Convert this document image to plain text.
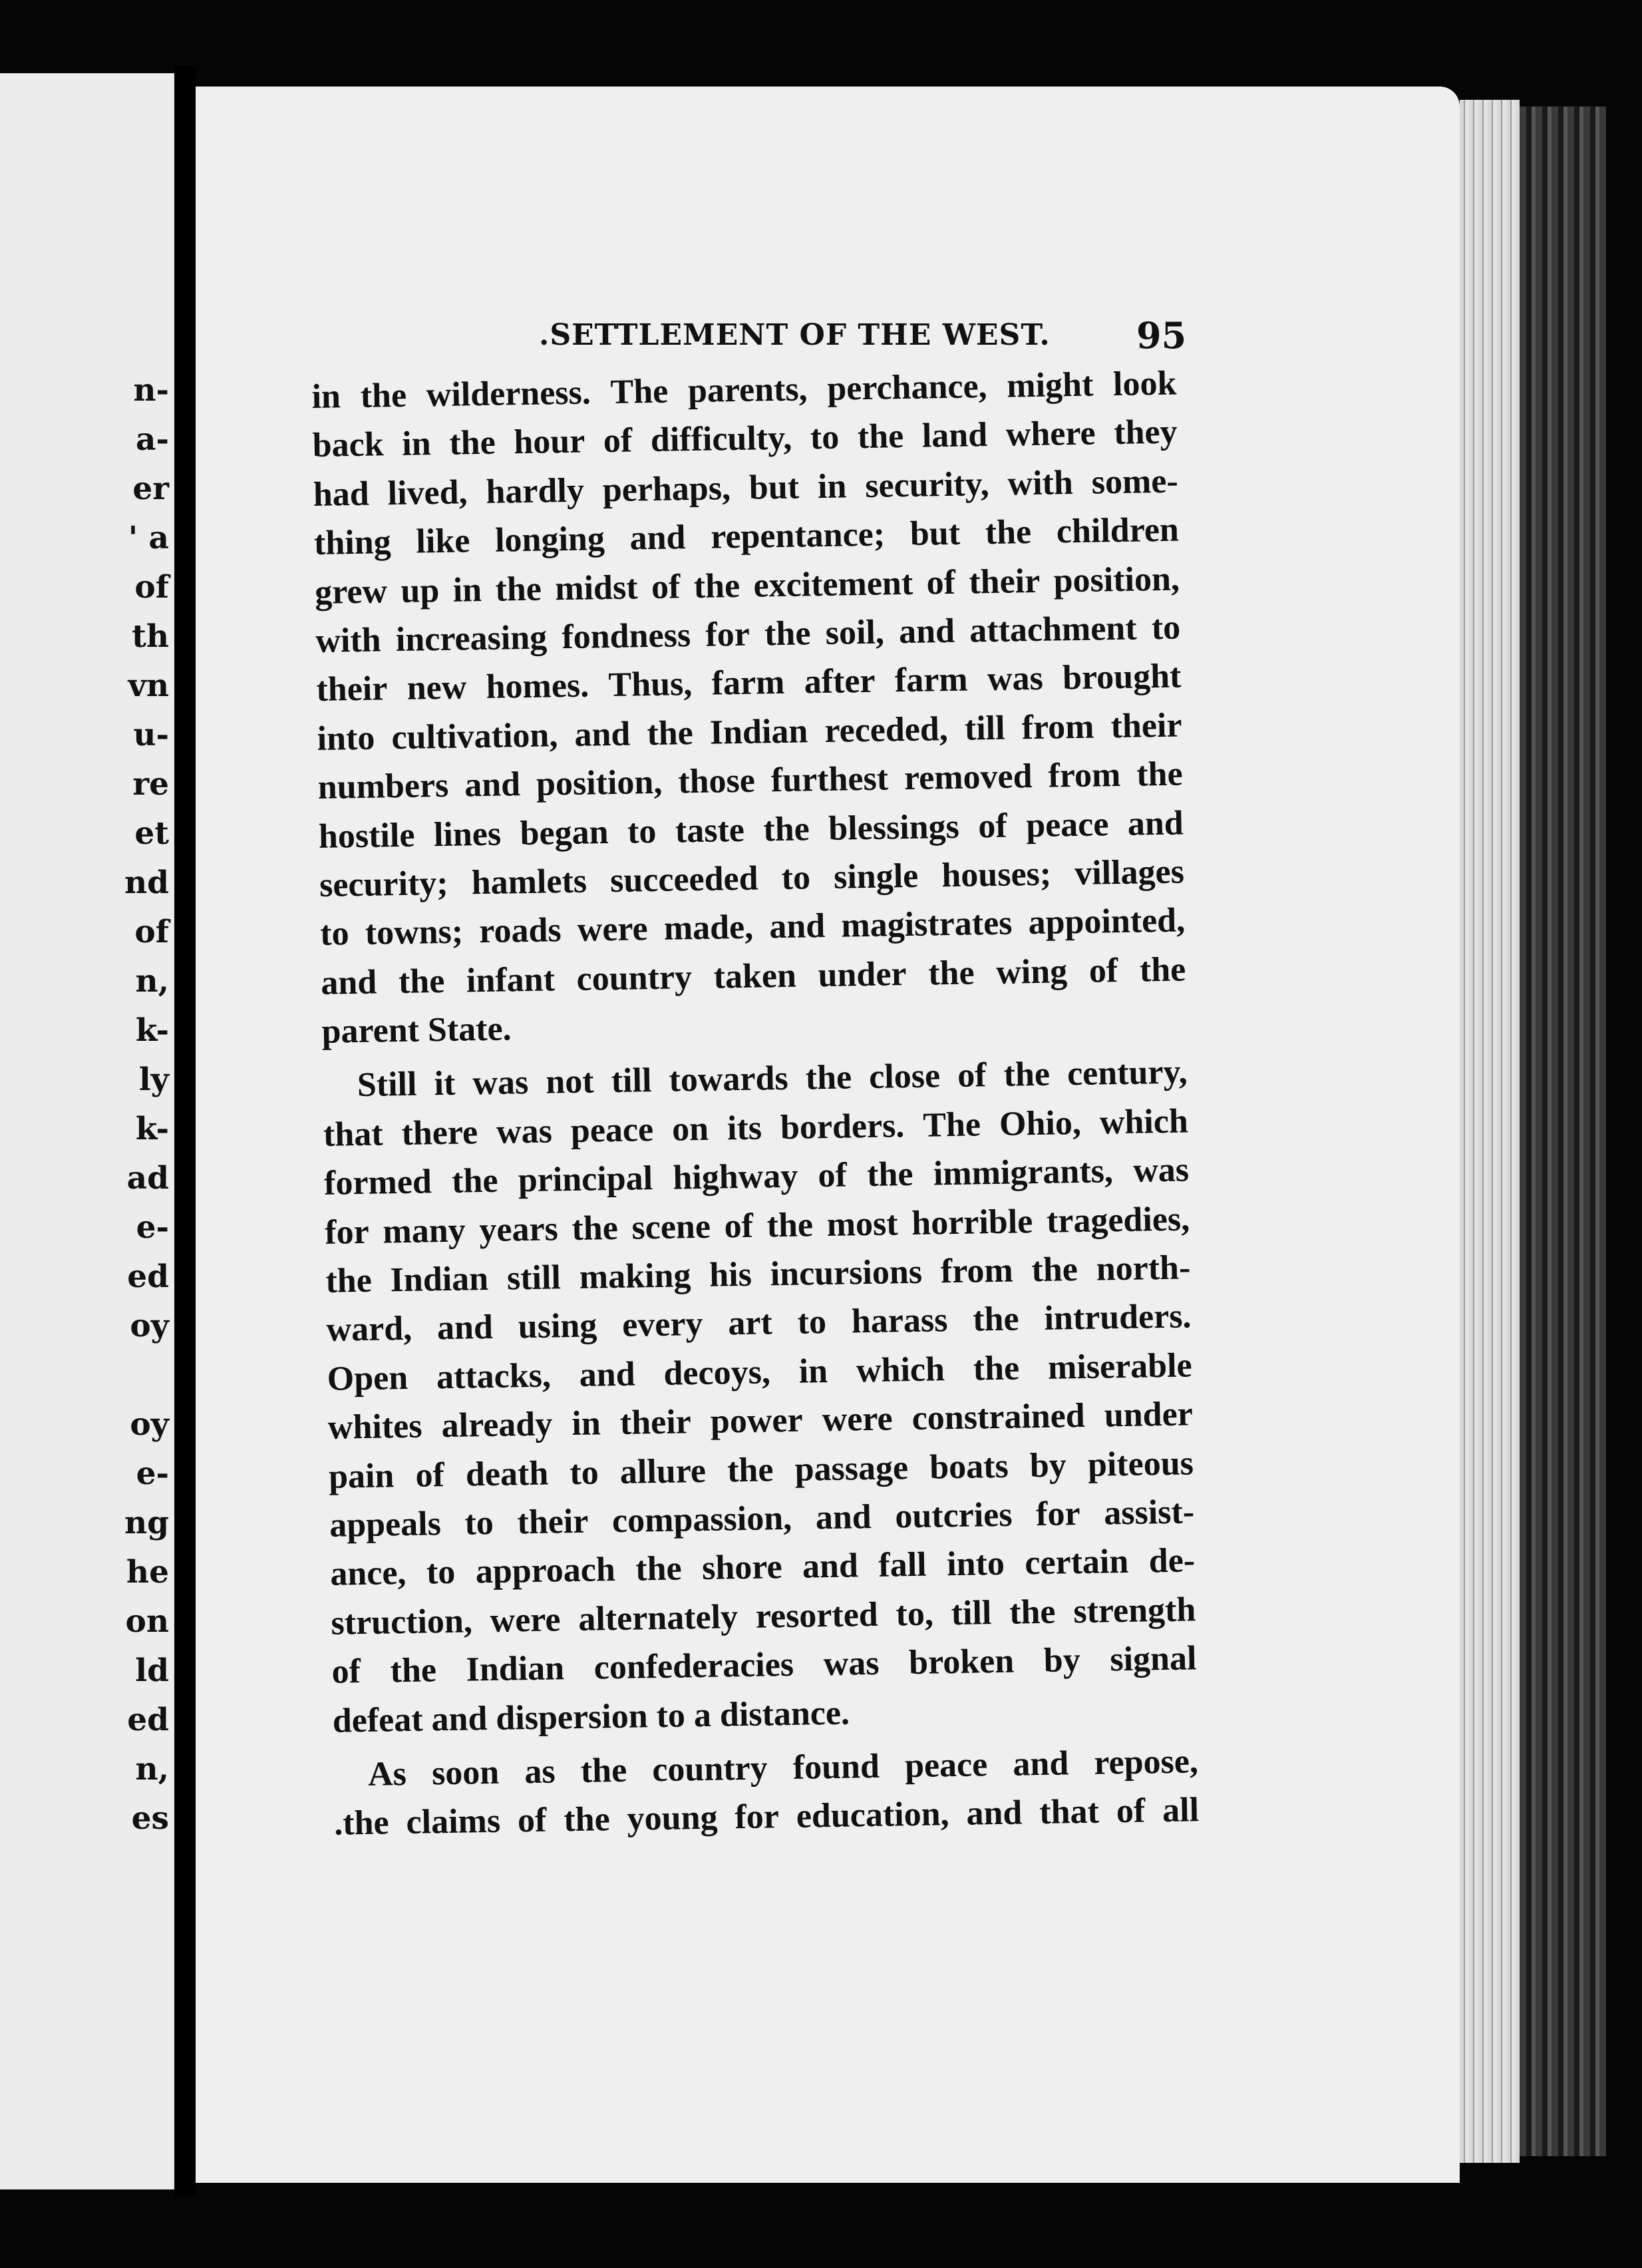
n-
a-
er
' a
of
th
vn
u-
re
et
nd
of
n,
k-
ly
k-
ad
e-
ed
oy

oy
e-
ng
he
on
ld
ed
n,
es
.SETTLEMENT OF THE WEST. 95
in the wilderness. The parents, perchance, might look
back in the hour of difficulty, to the land where they
had lived, hardly perhaps, but in security, with some-
thing like longing and repentance; but the children
grew up in the midst of the excitement of their position,
with increasing fondness for the soil, and attachment to
their new homes. Thus, farm after farm was brought
into cultivation, and the Indian receded, till from their
numbers and position, those furthest removed from the
hostile lines began to taste the blessings of peace and
security; hamlets succeeded to single houses; villages
to towns; roads were made, and magistrates appointed,
and the infant country taken under the wing of the
parent State.
Still it was not till towards the close of the century,
that there was peace on its borders. The Ohio, which
formed the principal highway of the immigrants, was
for many years the scene of the most horrible tragedies,
the Indian still making his incursions from the north-
ward, and using every art to harass the intruders.
Open attacks, and decoys, in which the miserable
whites already in their power were constrained under
pain of death to allure the passage boats by piteous
appeals to their compassion, and outcries for assist-
ance, to approach the shore and fall into certain de-
struction, were alternately resorted to, till the strength
of the Indian confederacies was broken by signal
defeat and dispersion to a distance.
As soon as the country found peace and repose,
.the claims of the young for education, and that of all
